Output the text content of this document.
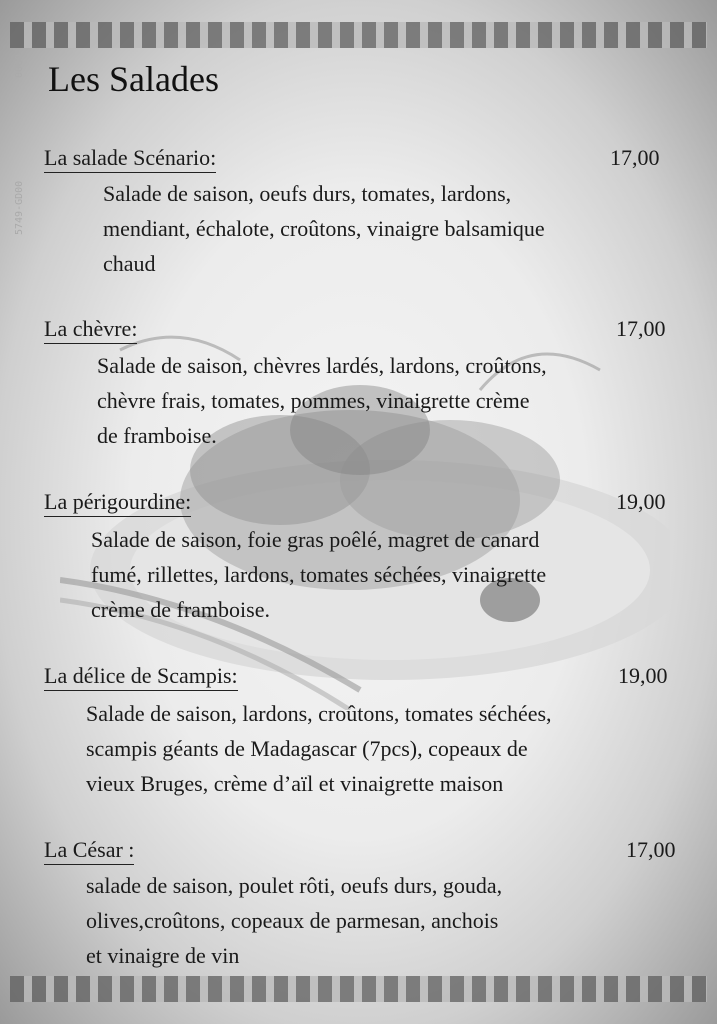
0000
5749-GD00
Les Salades
La salade Scénario:	17,00
Salade de saison, oeufs durs, tomates, lardons,
mendiant, échalote, croûtons, vinaigre balsamique
chaud
La chèvre:	17,00
Salade de saison, chèvres lardés, lardons, croûtons,
chèvre frais, tomates, pommes, vinaigrette crème
de framboise.
La périgourdine:	19,00
Salade de saison, foie gras poêlé, magret de canard
fumé, rillettes, lardons, tomates séchées, vinaigrette
crème de framboise.
La délice de Scampis:	19,00
Salade de saison, lardons, croûtons, tomates séchées,
scampis géants de Madagascar (7pcs), copeaux de
vieux Bruges, crème d’aïl et vinaigrette maison
La César :	17,00
salade de saison, poulet rôti, oeufs durs, gouda,
olives,croûtons, copeaux de parmesan, anchois
et vinaigre de vin
